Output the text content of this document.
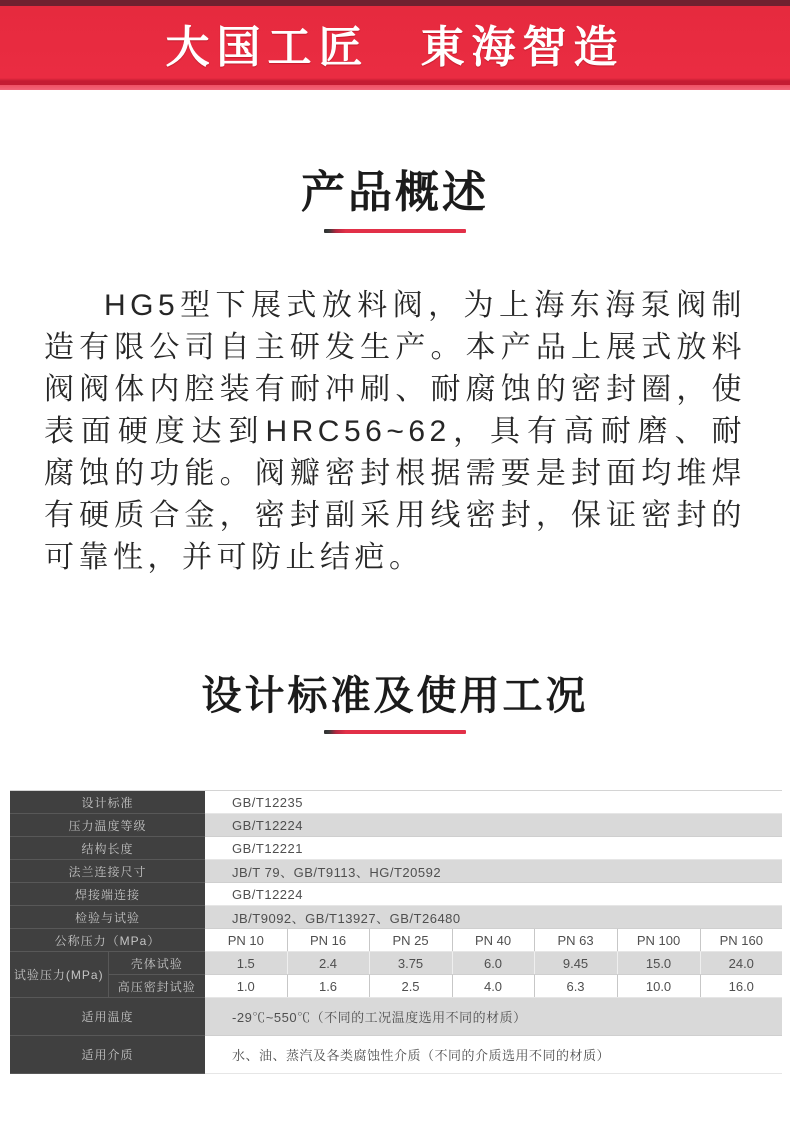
大国工匠　東海智造
产品概述

HG5型下展式放料阀，为上海东海泵阀制造有限公司自主研发生产。本产品上展式放料阀阀体内腔装有耐冲刷、耐腐蚀的密封圈，使表面硬度达到HRC56~62，具有高耐磨、耐腐蚀的功能。阀瓣密封根据需要是封面均堆焊有硬质合金，密封副采用线密封，保证密封的可靠性，并可防止结疤。

设计标准及使用工况
设计标准		GB/T12235						
压力温度等级		GB/T12224						
结构长度		GB/T12221						
法兰连接尺寸		JB/T 79、GB/T9113、HG/T20592						
焊接端连接		GB/T12224						
检验与试验		JB/T9092、GB/T13927、GB/T26480						
公称压力（MPa）		PN 10	PN 16	PN 25	PN 40	PN 63	PN 100	PN 160
试验压力(MPa)	壳体试验	1.5	2.4	3.75	6.0	9.45	15.0	24.0
	高压密封试验	1.0	1.6	2.5	4.0	6.3	10.0	16.0
适用温度		-29℃~550℃（不同的工况温度选用不同的材质）						
适用介质		水、油、蒸汽及各类腐蚀性介质（不同的介质选用不同的材质）						
